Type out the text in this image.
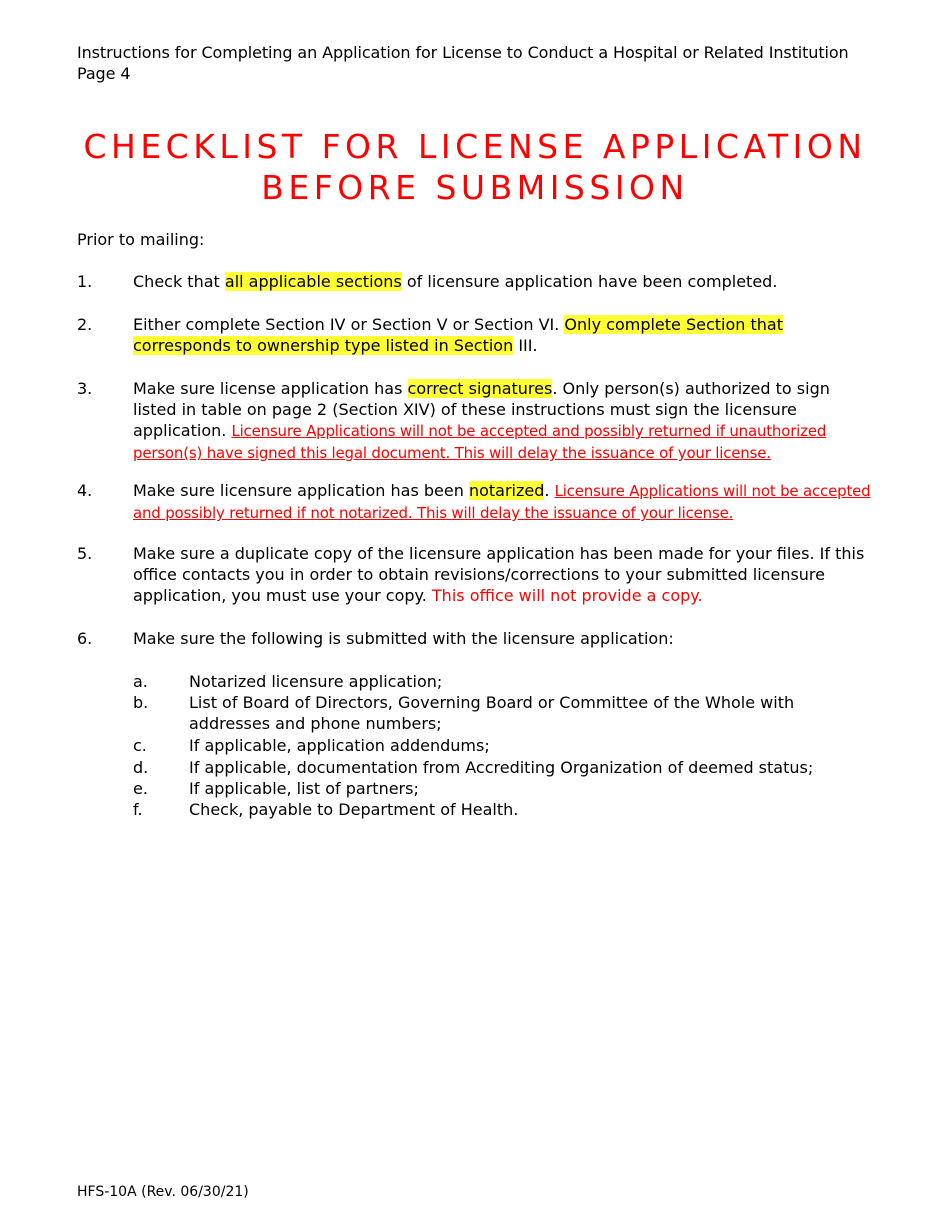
Instructions for Completing an Application for License to Conduct a Hospital or Related Institution
Page 4
CHECKLIST FOR LICENSE APPLICATION
BEFORE SUBMISSION
Prior to mailing:
1.	Check that all applicable sections of licensure application have been completed.
2.	Either complete Section IV or Section V or Section VI. Only complete Section that corresponds to ownership type listed in Section III.
3.	Make sure license application has correct signatures. Only person(s) authorized to sign listed in table on page 2 (Section XIV) of these instructions must sign the licensure application. Licensure Applications will not be accepted and possibly returned if unauthorized person(s) have signed this legal document. This will delay the issuance of your license.
4.	Make sure licensure application has been notarized. Licensure Applications will not be accepted and possibly returned if not notarized. This will delay the issuance of your license.
5.	Make sure a duplicate copy of the licensure application has been made for your files. If this office contacts you in order to obtain revisions/corrections to your submitted licensure application, you must use your copy. This office will not provide a copy.
6.	Make sure the following is submitted with the licensure application:
a.	Notarized licensure application;
b.	List of Board of Directors, Governing Board or Committee of the Whole with addresses and phone numbers;
c.	If applicable, application addendums;
d.	If applicable, documentation from Accrediting Organization of deemed status;
e.	If applicable, list of partners;
f.	Check, payable to Department of Health.
HFS-10A (Rev. 06/30/21)
